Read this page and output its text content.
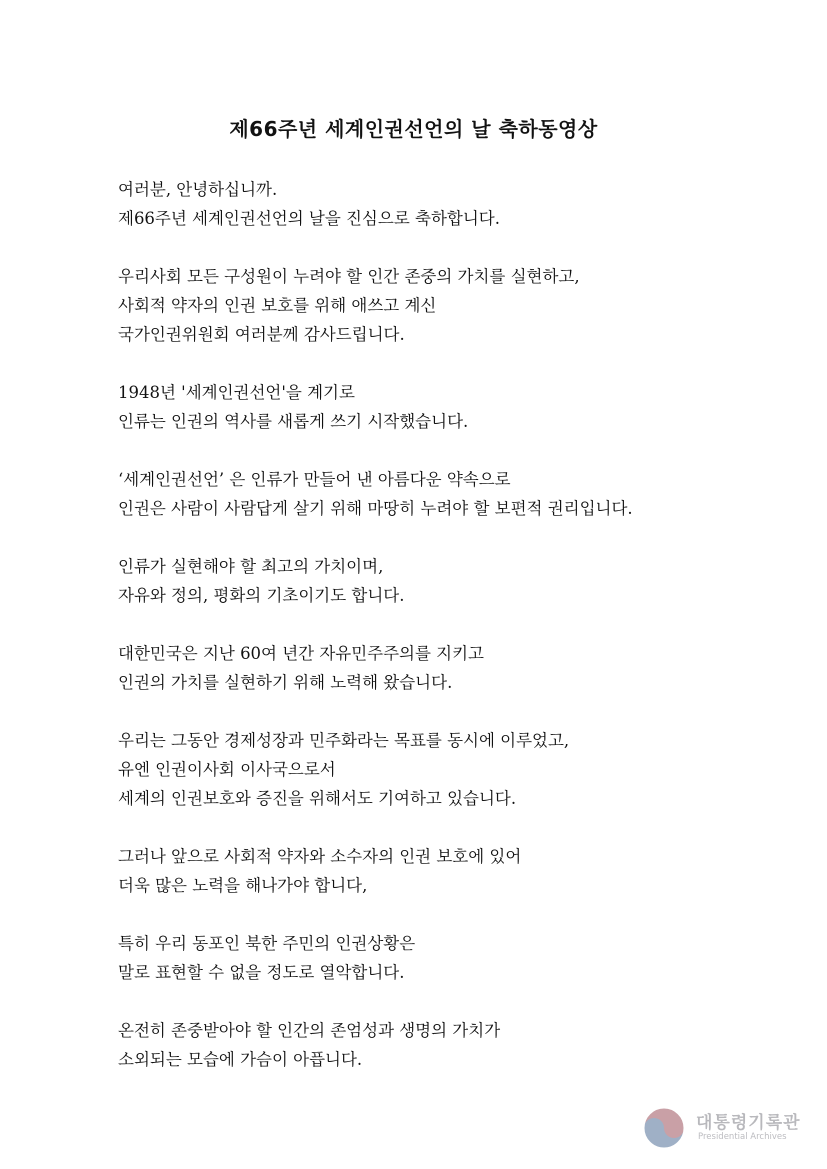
제66주년 세계인권선언의 날 축하동영상
여러분, 안녕하십니까.
제66주년 세계인권선언의 날을 진심으로 축하합니다.
우리사회 모든 구성원이 누려야 할 인간 존중의 가치를 실현하고,
사회적 약자의 인권 보호를 위해 애쓰고 계신
국가인권위원회 여러분께 감사드립니다.
1948년 '세계인권선언'을 계기로
인류는 인권의 역사를 새롭게 쓰기 시작했습니다.
‘세계인권선언’ 은 인류가 만들어 낸 아름다운 약속으로
인권은 사람이 사람답게 살기 위해 마땅히 누려야 할 보편적 권리입니다.
인류가 실현해야 할 최고의 가치이며,
자유와 정의, 평화의 기초이기도 합니다.
대한민국은 지난 60여 년간 자유민주주의를 지키고
인권의 가치를 실현하기 위해 노력해 왔습니다.
우리는 그동안 경제성장과 민주화라는 목표를 동시에 이루었고,
유엔 인권이사회 이사국으로서
세계의 인권보호와 증진을 위해서도 기여하고 있습니다.
그러나 앞으로 사회적 약자와 소수자의 인권 보호에 있어
더욱 많은 노력을 해나가야 합니다,
특히 우리 동포인 북한 주민의 인권상황은
말로 표현할 수 없을 정도로 열악합니다.
온전히 존중받아야 할 인간의 존엄성과 생명의 가치가
소외되는 모습에 가슴이 아픕니다.
대통령기록관
Presidential Archives
